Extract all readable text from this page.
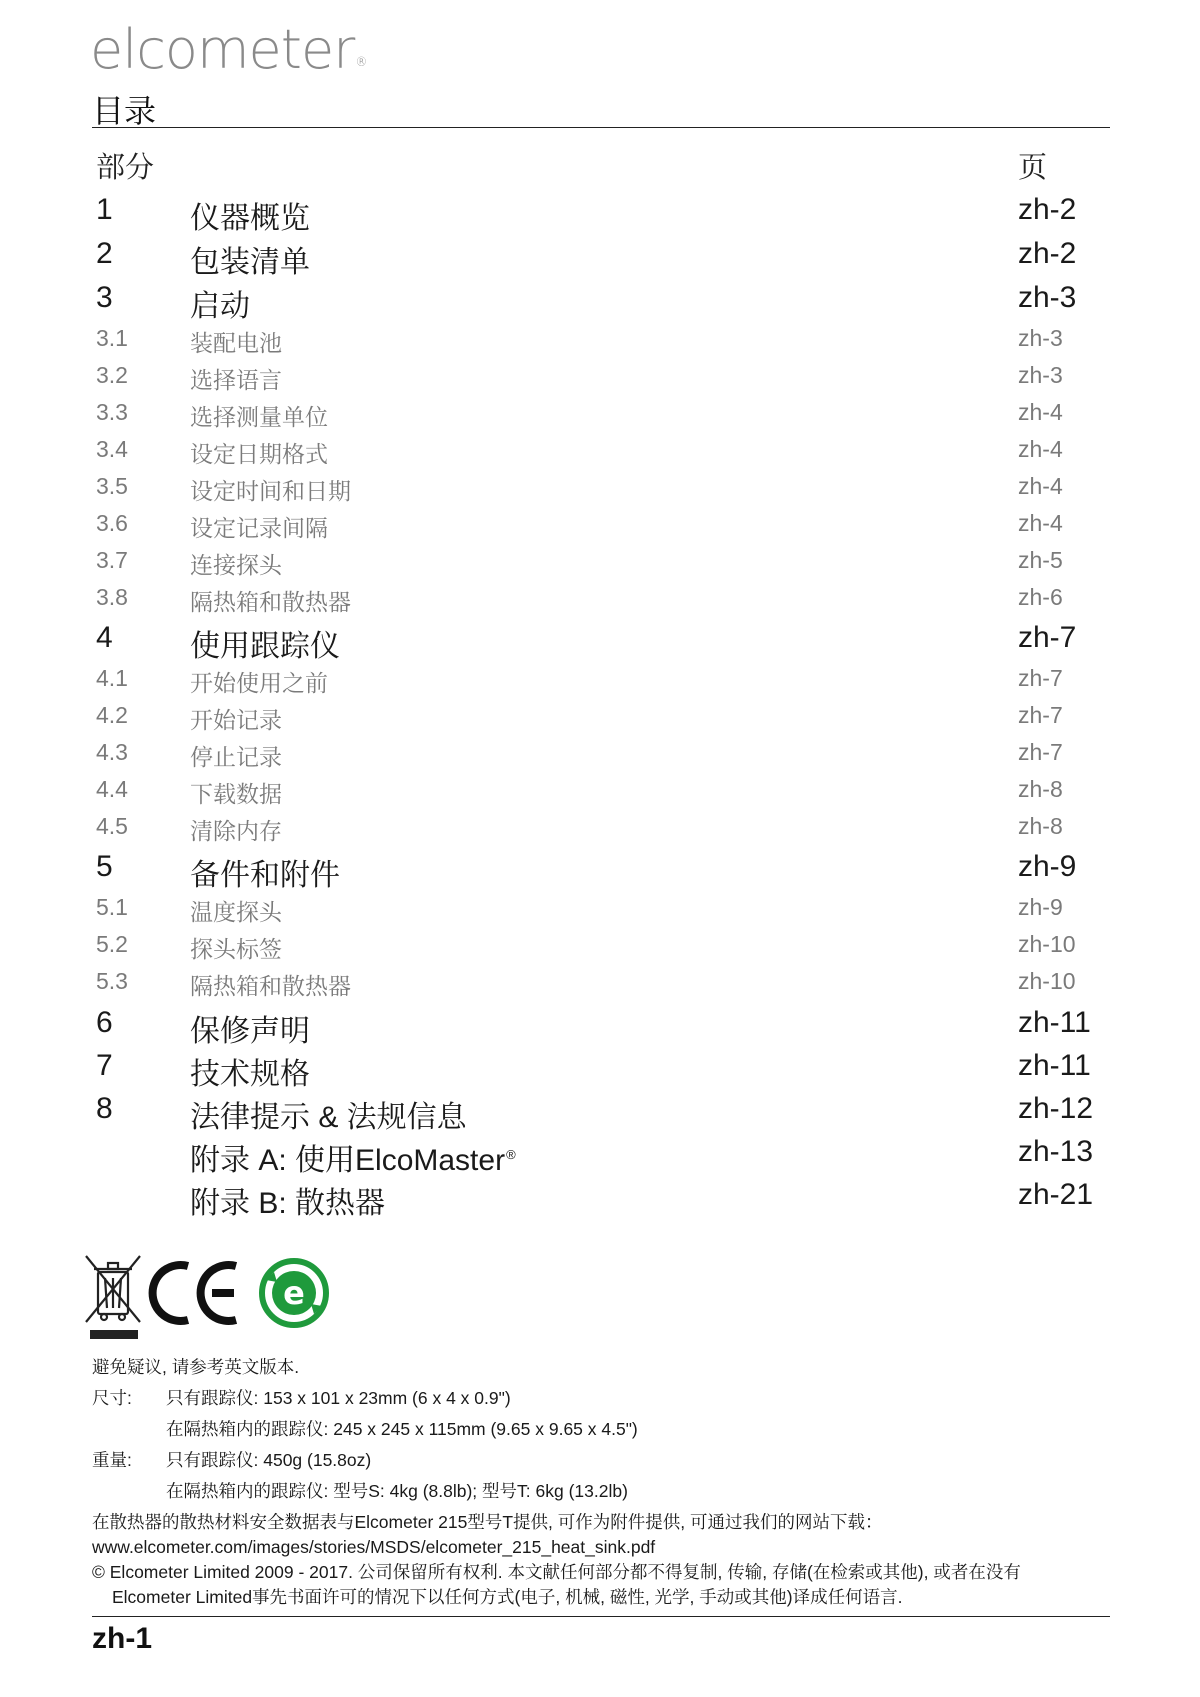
elcometer®
目录
部分	页
1	仪器概览	zh-2
2	包装清单	zh-2
3	启动	zh-3
3.1	装配电池	zh-3
3.2	选择语言	zh-3
3.3	选择测量单位	zh-4
3.4	设定日期格式	zh-4
3.5	设定时间和日期	zh-4
3.6	设定记录间隔	zh-4
3.7	连接探头	zh-5
3.8	隔热箱和散热器	zh-6
4	使用跟踪仪	zh-7
4.1	开始使用之前	zh-7
4.2	开始记录	zh-7
4.3	停止记录	zh-7
4.4	下载数据	zh-8
4.5	清除内存	zh-8
5	备件和附件	zh-9
5.1	温度探头	zh-9
5.2	探头标签	zh-10
5.3	隔热箱和散热器	zh-10
6	保修声明	zh-11
7	技术规格	zh-11
8	法律提示 & 法规信息	zh-12
附录 A: 使用ElcoMaster®	zh-13
附录 B: 散热器	zh-21
e
避免疑议, 请参考英文版本.
尺寸: 只有跟踪仪: 153 x 101 x 23mm (6 x 4 x 0.9")
在隔热箱内的跟踪仪: 245 x 245 x 115mm (9.65 x 9.65 x 4.5")
重量: 只有跟踪仪: 450g (15.8oz)
在隔热箱内的跟踪仪: 型号S: 4kg (8.8lb); 型号T: 6kg (13.2lb)
在散热器的散热材料安全数据表与Elcometer 215型号T提供, 可作为附件提供, 可通过我们的网站下载：
www.elcometer.com/images/stories/MSDS/elcometer_215_heat_sink.pdf
© Elcometer Limited 2009 - 2017. 公司保留所有权利. 本文献任何部分都不得复制, 传输, 存储(在检索或其他), 或者在没有
Elcometer Limited事先书面许可的情况下以任何方式(电子, 机械, 磁性, 光学, 手动或其他)译成任何语言.
zh-1
